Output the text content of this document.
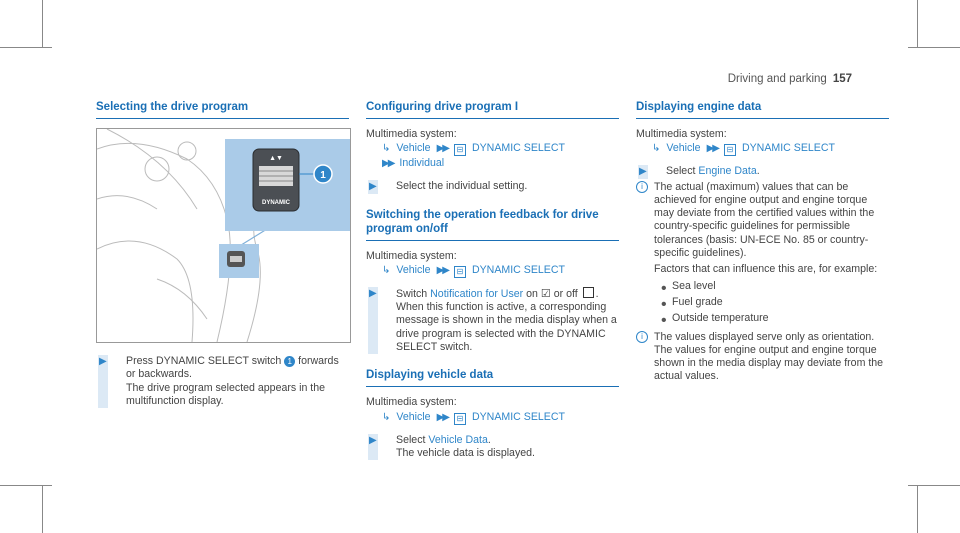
Driving and parking 157
Selecting the drive program
▲▼
DYNAMIC
1
▶ Press DYNAMIC SELECT switch 1 forwards or backwards.
The drive program selected appears in the multifunction display.

Configuring drive program I

Multimedia system:

↳ Vehicle ▶▶ ⊟ DYNAMIC SELECT
▶▶ Individual
▶ Select the individual setting.

Switching the operation feedback for drive program on/off

Multimedia system:

↳ Vehicle ▶▶ ⊟ DYNAMIC SELECT
▶ Switch Notification for User on ☑ or off .
When this function is active, a corresponding message is shown in the media display when a drive program is selected with the DYNAMIC SELECT switch.

Displaying vehicle data

Multimedia system:

↳ Vehicle ▶▶ ⊟ DYNAMIC SELECT
▶ Select Vehicle Data.
The vehicle data is displayed.

Displaying engine data

Multimedia system:

↳ Vehicle ▶▶ ⊟ DYNAMIC SELECT
▶ Select Engine Data.

i	The actual (maximum) values that can be achieved for engine output and engine torque may deviate from the certified values within the country-specific guidelines for permissible tolerances (basis: UN-ECE No. 85 or country-specific guidelines).

Factors that can influence this are, for example:

• Sea level

• Fuel grade

• Outside temperature

i	The values displayed serve only as orientation. The values for engine output and engine torque shown in the media display may deviate from the actual values.
